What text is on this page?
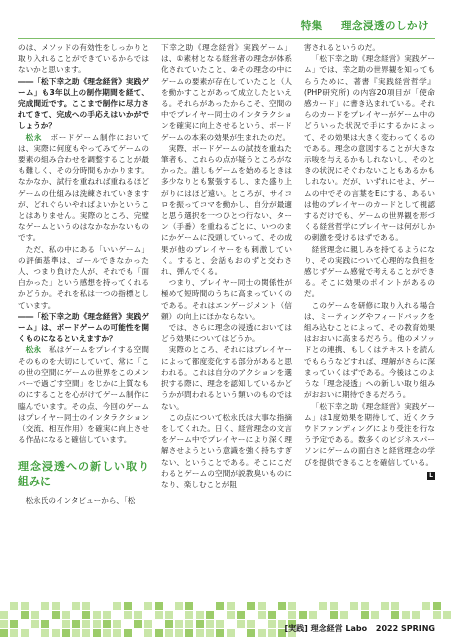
特集 理念浸透のしかけ

のは、メソッドの有効性をしっかりと取り入れることができているからではないかと思います。

――「松下幸之助《理念経営》実践ゲーム」も3年以上の制作期間を経て、完成間近です。ここまで制作に尽力されてきて、完成への手応えはいかがでしょうか？

松永　 ボードゲーム制作においては、実際に何度もやってみてゲームの要素の組み合わせを調整することが最も難しく、その分時間もかかります。なかなか、試行を重ねれば重ねるほどゲームの仕組みは洗練されていきますが、どれぐらいやればよいかということはありません。実際のところ、完璧なゲームというのはなかなかないものです。

ただ、私の中にある「いいゲーム」の評価基準は、ゴールできなかった人、つまり負けた人が、それでも「面白かった」という感想を持ってくれるかどうか。それを私は一つの指標としています。

――「松下幸之助《理念経営》実践ゲーム」は、ボードゲームの可能性を開くものになるといえますか？

松永　 私はゲームをプレイする空間そのものを大切にしていて、常に「この世の空間にゲームの世界をこのメンバーで過ごす空間」をじかに上質なものにすることを心がけてゲーム制作に臨んでいます。その点、今回のゲームはプレイヤー同士のインタラクション（交流、相互作用）を確実に向上させる作品になると確信しています。

理念浸透への新しい取り組みに

松永氏のインタビューから、「松

下幸之助《理念経営》実践ゲーム」は、①素材となる経営者の理念が体系化されていたこと、②その理念の中にゲームの要素が存在していたこと（人を動かすことがあって成立したといえる。それらがあったからこそ、空間の中でプレイヤー同士のインタラクションを確実に向上させるという、ボードゲームの本来の効果が生まれたのだ。

実際、ボードゲームの試技を重ねた筆者も、これらの点が疑うところがなかった。誰しもゲームを始めるときは多少なりとも緊張するし、また盛り上がりにはほど遠い。ところが、サイコロを振ってコマを動かし、自分が最適と思う選択を一つひとつ行ない、ターン（手番）を重ねるごとに、いつのまにかゲームに没頭していって、その成果が他のプレイヤーをも刺激していく。すると、会話もおのずと交わされ、弾んでくる。

つまり、プレイヤー同士の関係性が極めて短時間のうちに高まっていくのである。それはエンゲージメント（信頼）の向上にほかならない。

では、さらに理念の浸透においてはどう効果についてはどうか。

実際のところ、それにはプレイヤーによって都度変化する部分があると思われる。これは自分のアクションを選択する際に、理念を認知しているかどうかが問われるという類いのものではない。

この点について松永氏は大事な指摘をしてくれた。日く、経営理念の文言をゲーム中でプレイヤーにより深く理解させようという意識を強く持ちすぎない、ということである。そこにこだわるとゲームの空間が説教臭いものになり、楽しむことが阻

害されるというのだ。

「松下幸之助《理念経営》実践ゲーム」では、幸之助の世界観を知ってもらうために、著書『実践経営哲学』(PHP研究所) の内容20項目が「使命感カード」に書き込まれている。それらのカードをプレイヤーがゲーム中のどういった状況で手にするかによって、その効果は大きく変わってくるのである。理念の意図することが大きな示唆を与えるかもしれないし、そのときの状況にそぐわないこともあるかもしれない。だが、いずれにせよ、ゲームの中でその言葉をEにする、あるいは他のプレイヤーのカードとして視認するだけでも、ゲームの世界観を形づくる経営哲学にプレイヤーは何がしかの刺激を受けるはずである。

経営理念に親しみを持てるようになり、その実践について心理的な負担を感じずゲーム感覚で考えることができる。そこに効果のポイントがあるのだ。

このゲームを研修に取り入れる場合は、ミーティングやフィードバックを組み込むことによって、その教育効果はおおいに高まるだろう。他のメソッドとの連携、もしくはテキストを読んでもらうなどすれば、理解がさらに深まっていくはずである。今後はこのような「理念浸透」への新しい取り組みがおおいに期待できるだろう。

「松下幸之助《理念経営》実践ゲーム」は1度効果を期待して、近くクラウドファンディングにより受注を行なう予定である。数多くのビジネスパーソンにゲームの面白さと経営理念の学びを提供できることを確信している。

L
[実践] 理念経営 Labo 2022 SPRING
